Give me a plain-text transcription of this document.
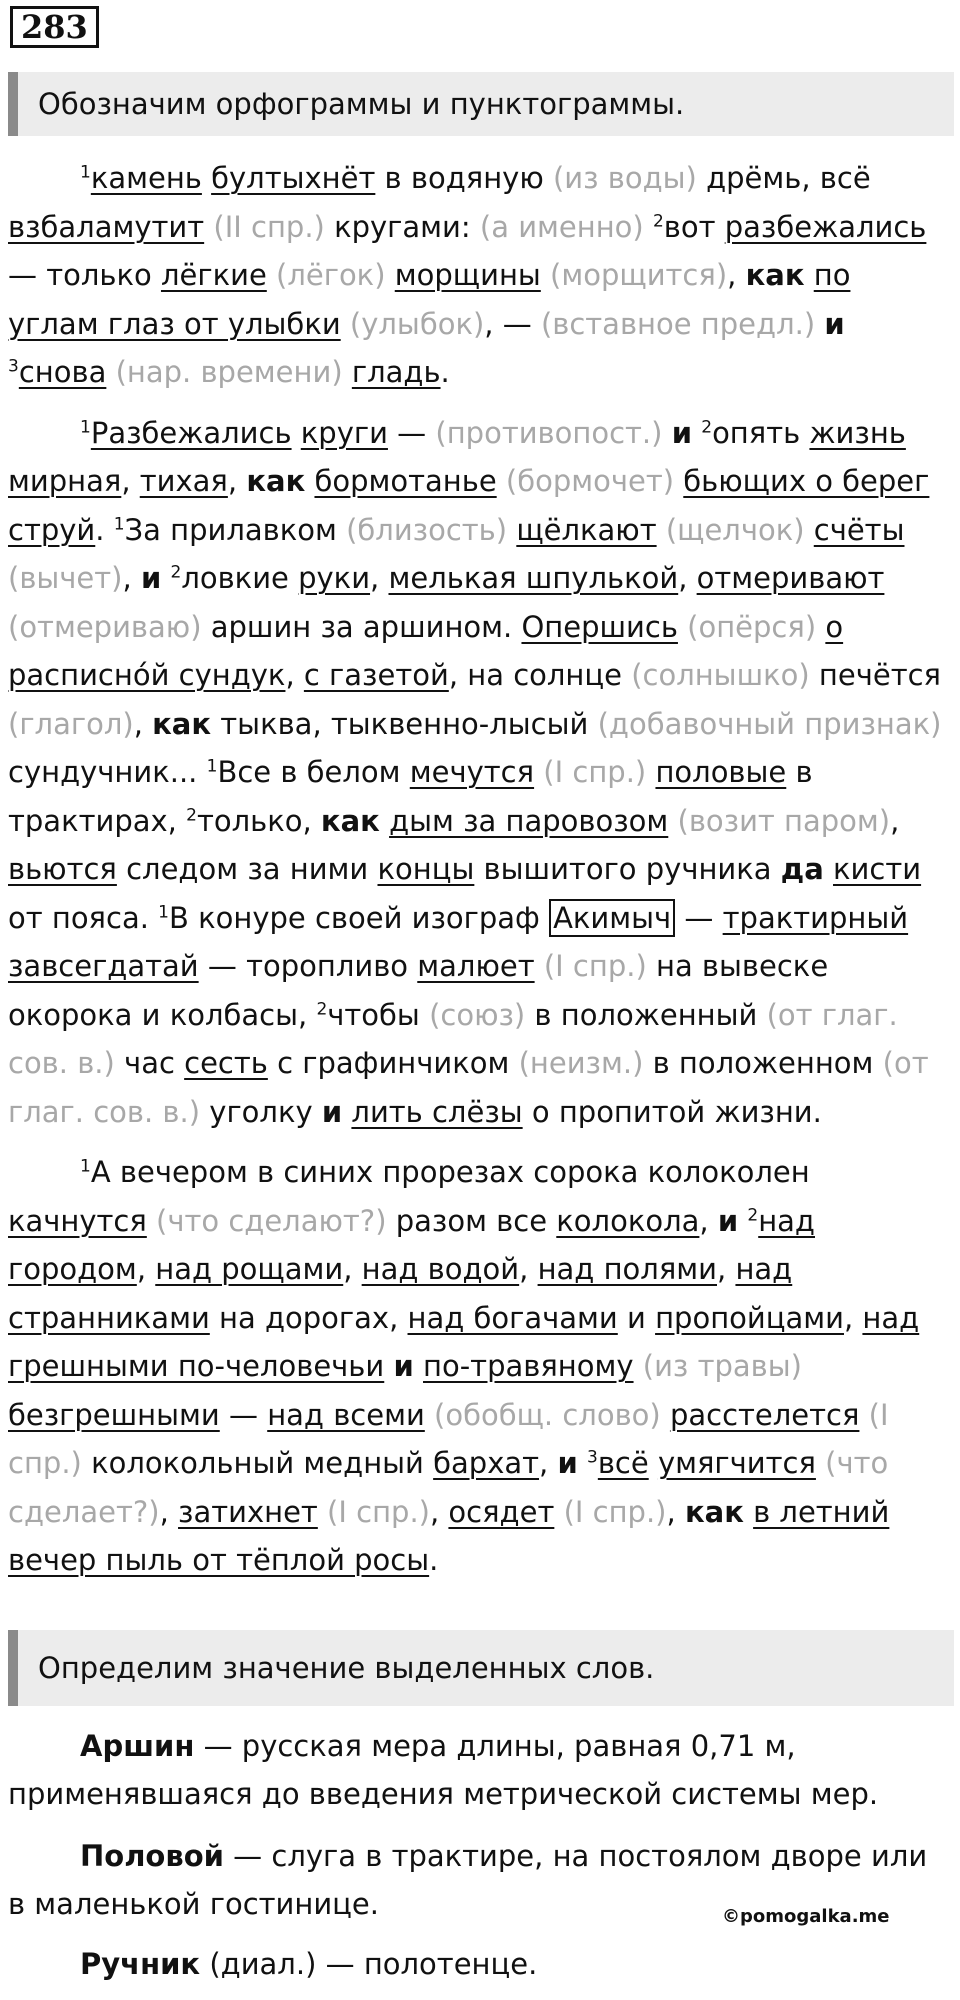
283
Обозначим орфограммы и пунктограммы.

$^1$камень бултыхнёт в водяную (из воды) дрёмь, всё взбаламутит (II спр.) кругами: (а именно) $^2$вот разбежались — только лёгкие (лёгок) морщины (морщится), как по углам глаз от улыбки (улыбок), — (вставное предл.) и $^3$снова (нар. времени) гладь.

$^1$Разбежались круги — (противопост.) и $^2$опять жизнь мирная, тихая, как бормотанье (бормочет) бьющих о берег струй. $^1$За прилавком (близость) щёлкают (щелчок) счёты (вычет), и $^2$ловкие руки, мелькая шпулькой, отмеривают (отмериваю) аршин за аршином. Опершись (опёрся) о расписнóй сундук, с газетой, на солнце (солнышко) печётся (глагол), как тыква, тыквенно-лысый (добавочный признак) сундучник... $^1$Все в белом мечутся (I спр.) половые в трактирах, $^2$только, как дым за паровозом (возит паром), вьются следом за ними концы вышитого ручника да кисти от пояса. $^1$В конуре своей изограф Акимыч — трактирный завсегдатай — торопливо малюет (I спр.) на вывеске окорока и колбасы, $^2$чтобы (союз) в положенный (от глаг. сов. в.) час сесть с графинчиком (неизм.) в положенном (от глаг. сов. в.) уголку и лить слёзы о пропитой жизни.

$^1$А вечером в синих прорезах сорока колоколен качнутся (что сделают?) разом все колокола, и $^2$над городом, над рощами, над водой, над полями, над странниками на дорогах, над богачами и пропойцами, над грешными по-человечьи и по-травяному (из травы) безгрешными — над всеми (обобщ. слово) расстелется (I спр.) колокольный медный бархат, и $^3$всё умягчится (что сделает?), затихнет (I спр.), осядет (I спр.), как в летний вечер пыль от тёплой росы.

Определим значение выделенных слов.

Аршин — русская мера длины, равная 0,71 м, применявшаяся до введения метрической системы мер.

Половой — слуга в трактире, на постоялом дворе или в маленькой гостинице.

Ручник (диал.) — полотенце.

©pomogalka.me
